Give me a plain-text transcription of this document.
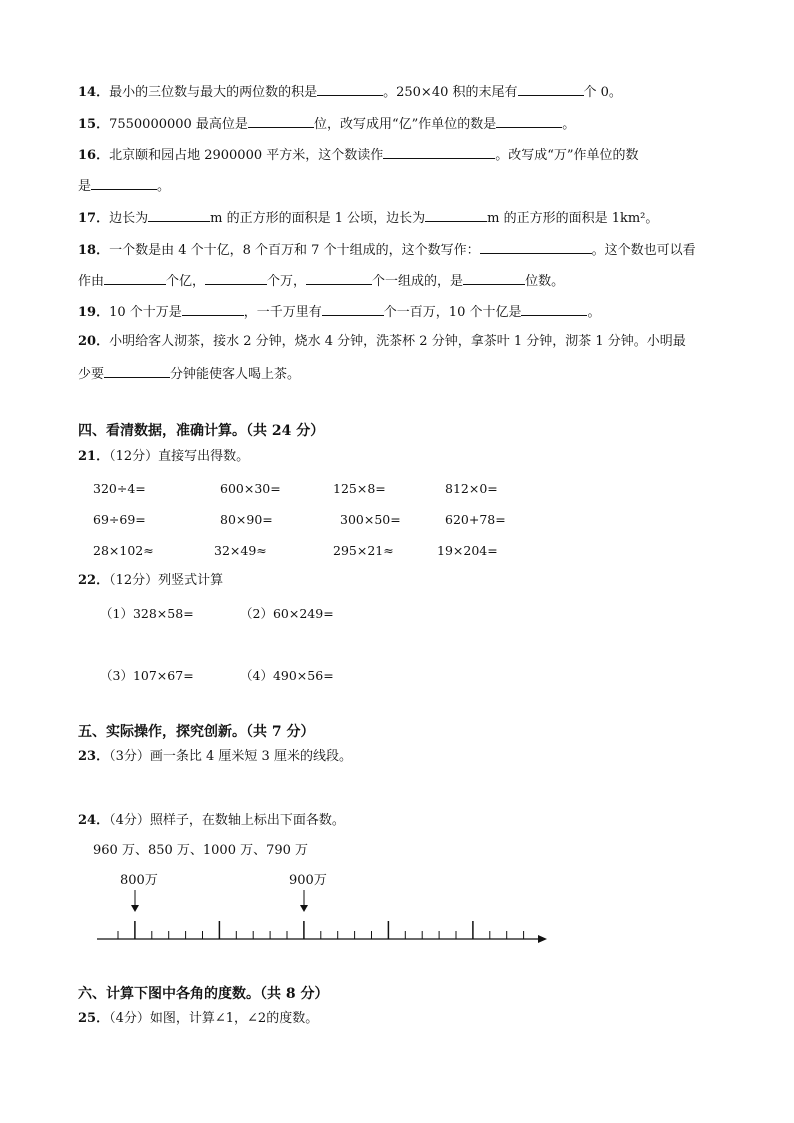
14．最小的三位数与最大的两位数的积是	。250×40 积的末尾有	个 0。
15．7550000000 最高位是	位，改写成用“亿”作单位的数是	。
16．北京颐和园占地 2900000 平方米，这个数读作	。改写成“万”作单位的数
是	。
17．边长为	m 的正方形的面积是 1 公顷，边长为	m 的正方形的面积是 1km²。
18．一个数是由 4 个十亿，8 个百万和 7 个十组成的，这个数写作：	。这个数也可以看
作由	个亿，	个万，	个一组成的，是	位数。
19．10 个十万是	，一千万里有	个一百万，10 个十亿是	。
20．小明给客人沏茶，接水 2 分钟，烧水 4 分钟，洗茶杯 2 分钟，拿茶叶 1 分钟，沏茶 1 分钟。小明最
少要	分钟能使客人喝上茶。
四、看清数据，准确计算。（共 24 分）
21．（12分）直接写出得数。
320÷4=	600×30=	125×8=	812×0=
69÷69=	80×90=	300×50=	620+78=
28×102≈	32×49≈	295×21≈	19×204=
22．（12分）列竖式计算
（1）328×58=	（2）60×249=
（3）107×67=	（4）490×56=
五、实际操作，探究创新。（共 7 分）
23．（3分）画一条比 4 厘米短 3 厘米的线段。
24．（4分）照样子，在数轴上标出下面各数。
960 万、850 万、1000 万、790 万
800万	900万
六、计算下图中各角的度数。（共 8 分）
25．（4分）如图，计算∠1，∠2的度数。
